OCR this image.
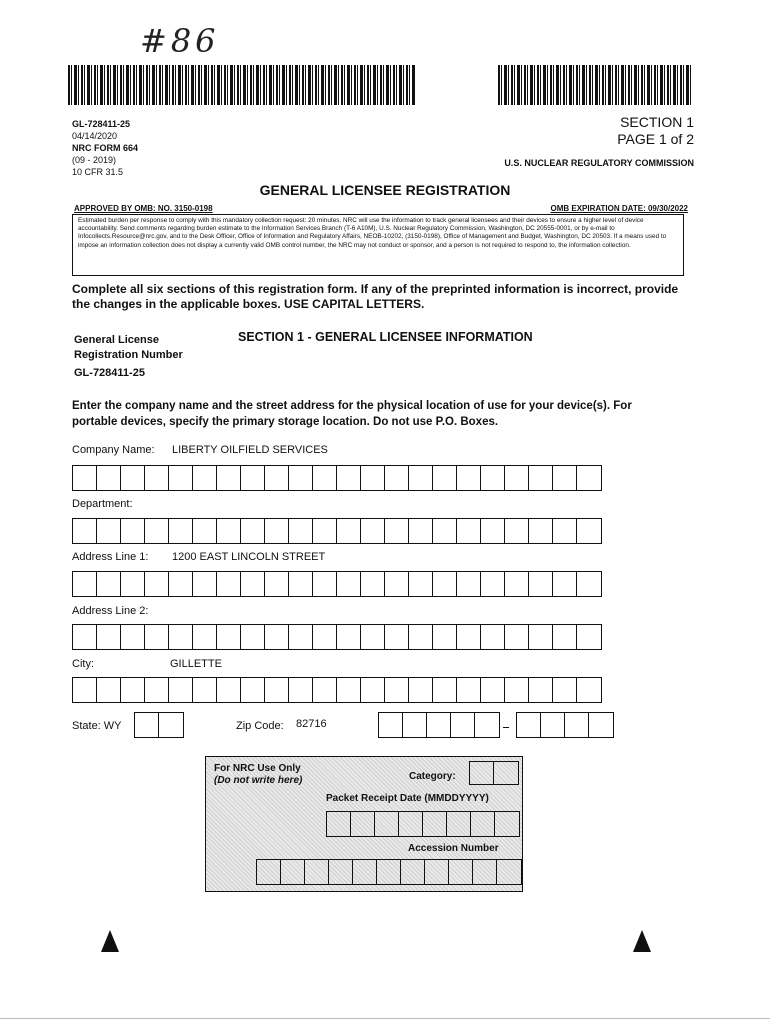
#86
GL-728411-25
04/14/2020
NRC FORM 664
(09 - 2019)
10 CFR 31.5
SECTION 1
PAGE 1 of 2
U.S. NUCLEAR REGULATORY COMMISSION
GENERAL LICENSEE REGISTRATION
APPROVED BY OMB: NO. 3150-0198	OMB EXPIRATION DATE: 09/30/2022
Estimated burden per response to comply with this mandatory collection request: 20 minutes. NRC will use the information to track general licensees and their devices to ensure a higher level of device accountability. Send comments regarding burden estimate to the Information Services Branch (T-6 A10M), U.S. Nuclear Regulatory Commission, Washington, DC 20555-0001, or by e-mail to Infocollects.Resource@nrc.gov, and to the Desk Officer, Office of Information and Regulatory Affairs, NEOB-10202, (3150-0198), Office of Management and Budget, Washington, DC 20503. If a means used to impose an information collection does not display a currently valid OMB control number, the NRC may not conduct or sponsor, and a person is not required to respond to, the information collection.
Complete all six sections of this registration form. If any of the preprinted information is incorrect, provide the changes in the applicable boxes. USE CAPITAL LETTERS.
General License
Registration Number
GL-728411-25
SECTION 1 - GENERAL LICENSEE INFORMATION
Enter the company name and the street address for the physical location of use for your device(s). For portable devices, specify the primary storage location. Do not use P.O. Boxes.
Company Name: LIBERTY OILFIELD SERVICES
Department:
Address Line 1: 1200 EAST LINCOLN STREET
Address Line 2:
City:	GILLETTE
State: WY	Zip Code: 82716
For NRC Use Only
(Do not write here)	Category:
Packet Receipt Date (MMDDYYYY)
Accession Number
